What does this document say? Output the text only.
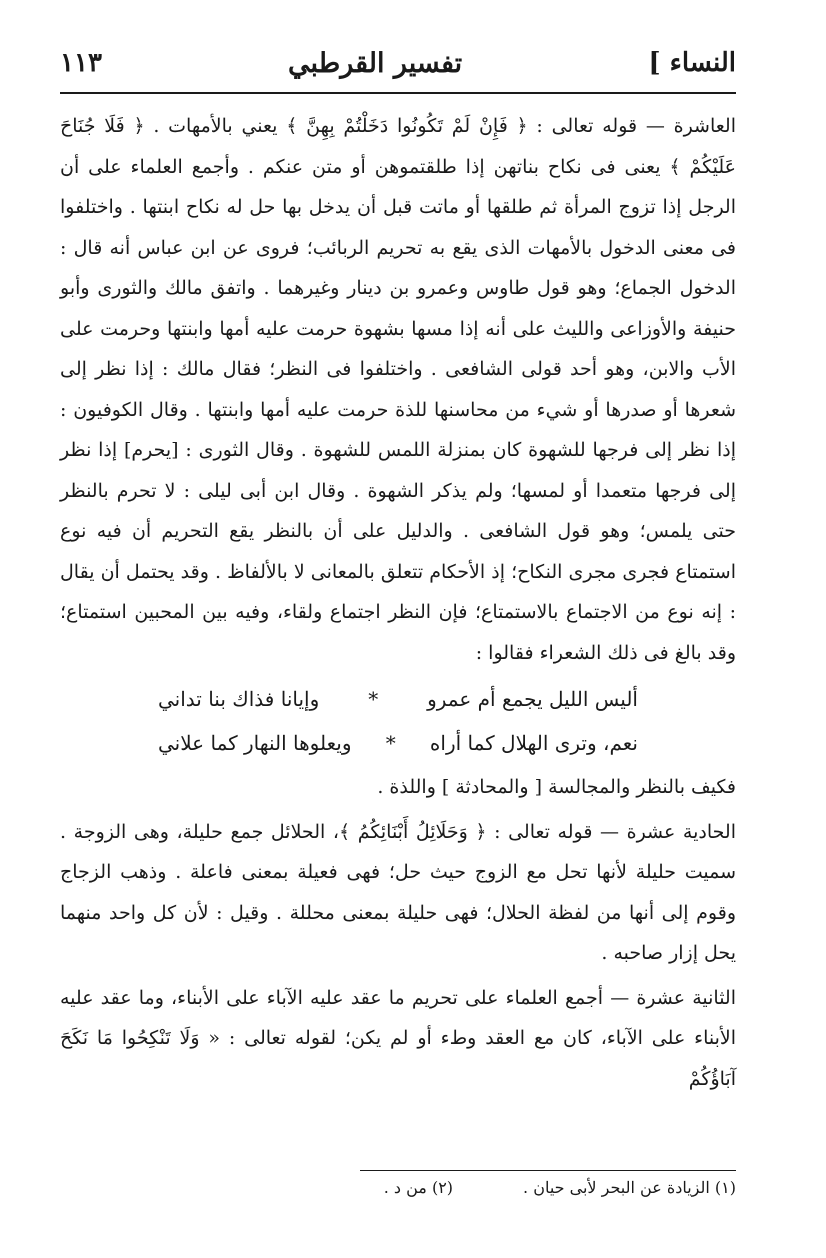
النساء ]
تفسير القرطبي
١١٣

العاشرة — قوله تعالى : ﴿ فَإِنْ لَمْ تَكُونُوا دَخَلْتُمْ بِهِنَّ ﴾ يعني بالأمهات . ﴿ فَلَا جُنَاحَ عَلَيْكُمْ ﴾ يعنى فى نكاح بناتهن إذا طلقتموهن أو متن عنكم . وأجمع العلماء على أن الرجل إذا تزوج المرأة ثم طلقها أو ماتت قبل أن يدخل بها حل له نكاح ابنتها . واختلفوا فى معنى الدخول بالأمهات الذى يقع به تحريم الربائب؛ فروى عن ابن عباس أنه قال : الدخول الجماع؛ وهو قول طاوس وعمرو بن دينار وغيرهما . واتفق مالك والثورى وأبو حنيفة والأوزاعى والليث على أنه إذا مسها بشهوة حرمت عليه أمها وابنتها وحرمت على الأب والابن، وهو أحد قولى الشافعى . واختلفوا فى النظر؛ فقال مالك : إذا نظر إلى شعرها أو صدرها أو شيء من محاسنها للذة حرمت عليه أمها وابنتها . وقال الكوفيون : إذا نظر إلى فرجها للشهوة كان بمنزلة اللمس للشهوة . وقال الثورى : [يحرم] إذا نظر إلى فرجها متعمدا أو لمسها؛ ولم يذكر الشهوة . وقال ابن أبى ليلى : لا تحرم بالنظر حتى يلمس؛ وهو قول الشافعى . والدليل على أن بالنظر يقع التحريم أن فيه نوع استمتاع فجرى مجرى النكاح؛ إذ الأحكام تتعلق بالمعانى لا بالألفاظ . وقد يحتمل أن يقال : إنه نوع من الاجتماع بالاستمتاع؛ فإن النظر اجتماع ولقاء، وفيه بين المحبين استمتاع؛ وقد بالغ فى ذلك الشعراء فقالوا :

أليس الليل يجمع أم عمرو
*
وإيانا فذاك بنا تداني
نعم، وترى الهلال كما أراه
*
ويعلوها النهار كما علاني

فكيف بالنظر والمجالسة [ والمحادثة ] واللذة .

الحادية عشرة — قوله تعالى : ﴿ وَحَلَائِلُ أَبْنَائِكُمُ ﴾، الحلائل جمع حليلة، وهى الزوجة . سميت حليلة لأنها تحل مع الزوج حيث حل؛ فهى فعيلة بمعنى فاعلة . وذهب الزجاج وقوم إلى أنها من لفظة الحلال؛ فهى حليلة بمعنى محللة . وقيل : لأن كل واحد منهما يحل إزار صاحبه .

الثانية عشرة — أجمع العلماء على تحريم ما عقد عليه الآباء على الأبناء، وما عقد عليه الأبناء على الآباء، كان مع العقد وطء أو لم يكن؛ لقوله تعالى : « وَلَا تَنْكِحُوا مَا نَكَحَ آبَاؤُكُمْ

(١) الزيادة عن البحر لأبى حيان .
(٢) من د .
